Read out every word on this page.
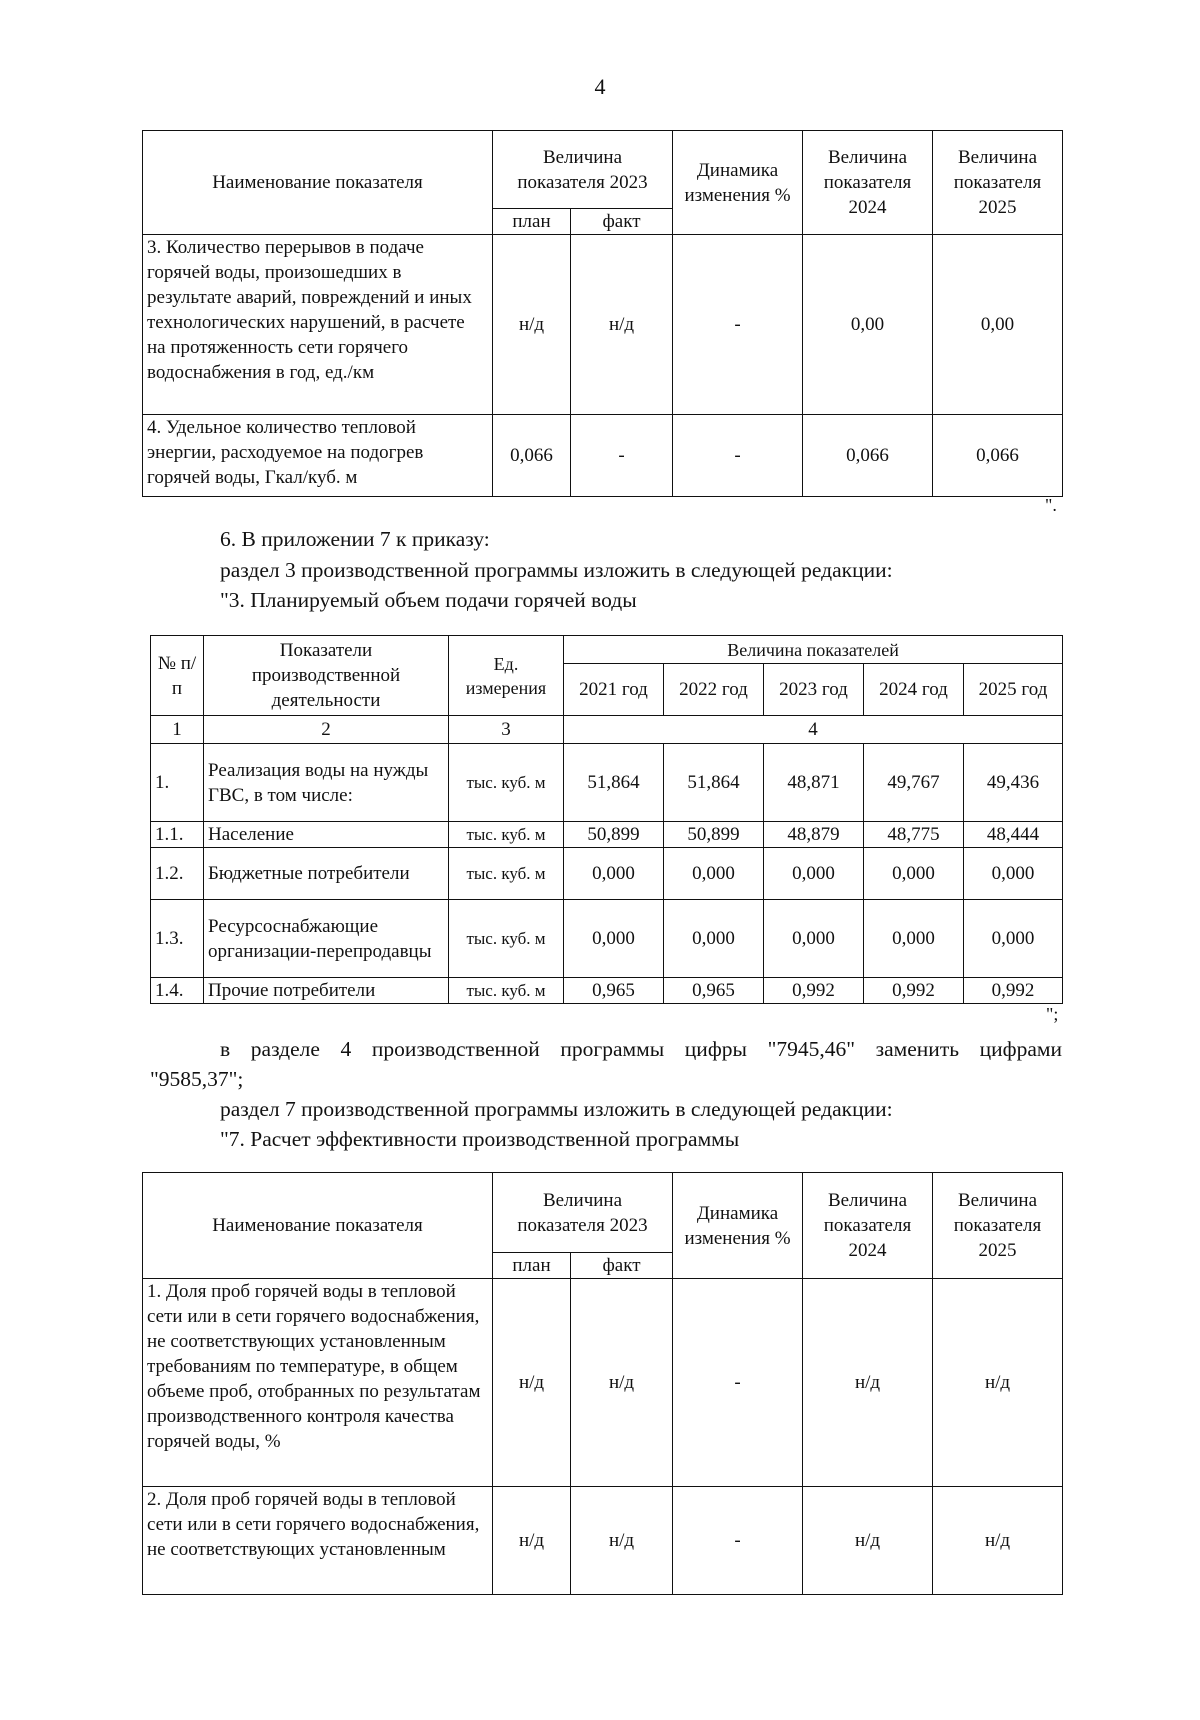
4
Наименование показателя	Величина показателя 2023		Динамика изменения %	Величина показателя 2024	Величина показателя 2025
	план	факт			
3. Количество перерывов в подаче горячей воды, произошедших в результате аварий, повреждений и иных технологических нарушений, в расчете на протяженность сети горячего водоснабжения в год, ед./км	н/д	н/д	-	0,00	0,00
4. Удельное количество тепловой энергии, расходуемое на подогрев горячей воды, Гкал/куб. м	0,066	-	-	0,066	0,066
".
6. В приложении 7 к приказу:
раздел 3 производственной программы изложить в следующей редакции:
"3. Планируемый объем подачи горячей воды
№ п/п	Показатели производственной деятельности	Ед. измерения	Величина показателей				
			2021 год	2022 год	2023 год	2024 год	2025 год
1	2	3	4				
1.	Реализация воды на нужды ГВС, в том числе:	тыс. куб. м	51,864	51,864	48,871	49,767	49,436
1.1.	Население	тыс. куб. м	50,899	50,899	48,879	48,775	48,444
1.2.	Бюджетные потребители	тыс. куб. м	0,000	0,000	0,000	0,000	0,000
1.3.	Ресурсоснабжающие организации-перепродавцы	тыс. куб. м	0,000	0,000	0,000	0,000	0,000
1.4.	Прочие потребители	тыс. куб. м	0,965	0,965	0,992	0,992	0,992
";
в разделе 4 производственной программы цифры "7945,46" заменить цифрами
"9585,37";
раздел 7 производственной программы изложить в следующей редакции:
"7. Расчет эффективности производственной программы
Наименование показателя	Величина показателя 2023		Динамика изменения %	Величина показателя 2024	Величина показателя 2025
	план	факт			
1. Доля проб горячей воды в тепловой сети или в сети горячего водоснабжения, не соответствующих установленным требованиям по температуре, в общем объеме проб, отобранных по результатам производственного контроля качества горячей воды, %	н/д	н/д	-	н/д	н/д
2. Доля проб горячей воды в тепловой сети или в сети горячего водоснабжения, не соответствующих установленным	н/д	н/д	-	н/д	н/д
